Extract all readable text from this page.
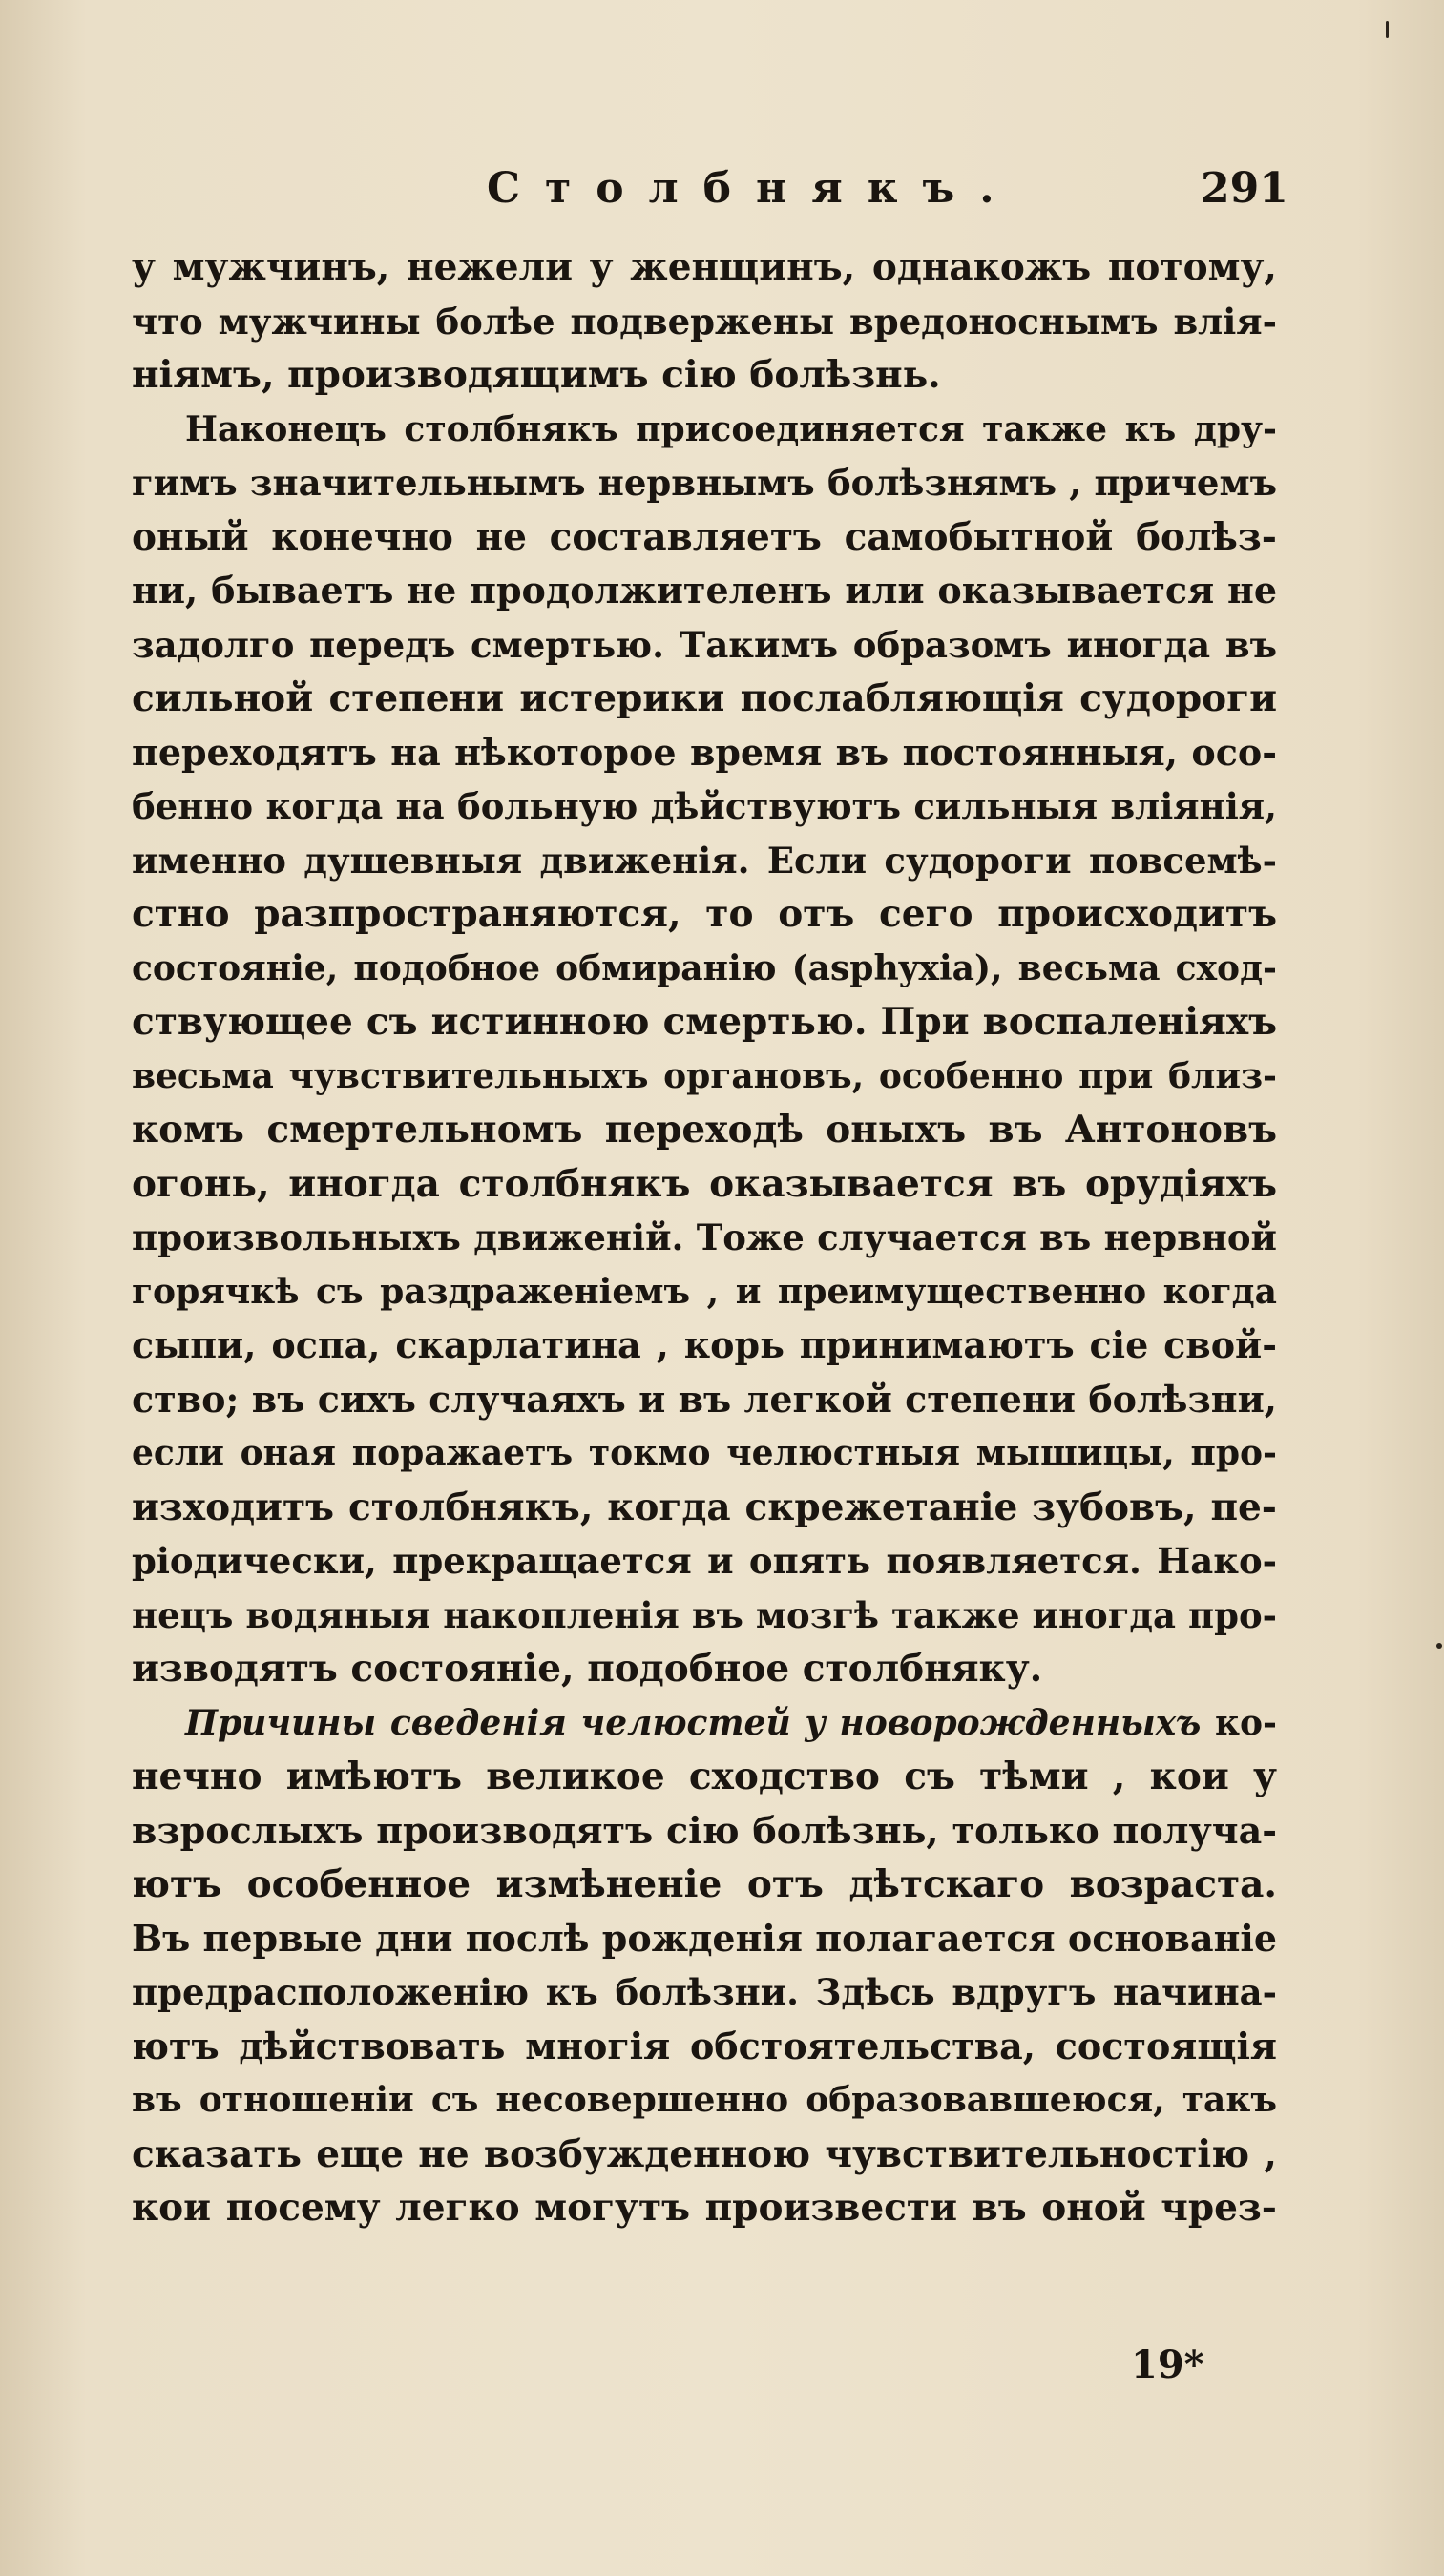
Столбнякъ.	291
у мужчинъ, нежели у женщинъ, однакожъ потому,
что мужчины болѣе подвержены вредоноснымъ влія-
ніямъ, производящимъ сію болѣзнь.
Наконецъ столбнякъ присоединяется также къ дру-
гимъ значительнымъ нервнымъ болѣзнямъ , причемъ
оный конечно не составляетъ самобытной болѣз-
ни, бываетъ не продолжителенъ или оказывается не
задолго передъ смертью. Такимъ образомъ иногда въ
сильной степени истерики послабляющія судороги
переходятъ на нѣкоторое время въ постоянныя, осо-
бенно когда на больную дѣйствуютъ сильныя вліянія,
именно душевныя движенія. Если судороги повсемѣ-
стно разпространяются, то отъ сего происходитъ
состояніе, подобное обмиранію (asphyxia), весьма сход-
ствующее съ истинною смертью. При воспаленіяхъ
весьма чувствительныхъ органовъ, особенно при близ-
комъ смертельномъ переходѣ оныхъ въ Антоновъ
огонь, иногда столбнякъ оказывается въ орудіяхъ
произвольныхъ движеній. Тоже случается въ нервной
горячкѣ съ раздраженіемъ , и преимущественно когда
сыпи, оспа, скарлатина , корь принимаютъ сіе свой-
ство; въ сихъ случаяхъ и въ легкой степени болѣзни,
если оная поражаетъ токмо челюстныя мышицы, про-
изходитъ столбнякъ, когда скрежетаніе зубовъ, пе-
ріодически, прекращается и опять появляется. Нако-
нецъ водяныя накопленія въ мозгѣ также иногда про-
изводятъ состояніе, подобное столбняку.
Причины сведенія челюстей у новорожденныхъ ко-
нечно имѣютъ великое сходство съ тѣми , кои у
взрослыхъ производятъ сію болѣзнь, только получа-
ютъ особенное измѣненіе отъ дѣтскаго возраста.
Въ первые дни послѣ рожденія полагается основаніе
предрасположенію къ болѣзни. Здѣсь вдругъ начина-
ютъ дѣйствовать многія обстоятельства, состоящія
въ отношеніи съ несовершенно образовавшеюся, такъ
сказать еще не возбужденною чувствительностію ,
кои посему легко могутъ произвести въ оной чрез-
19*
